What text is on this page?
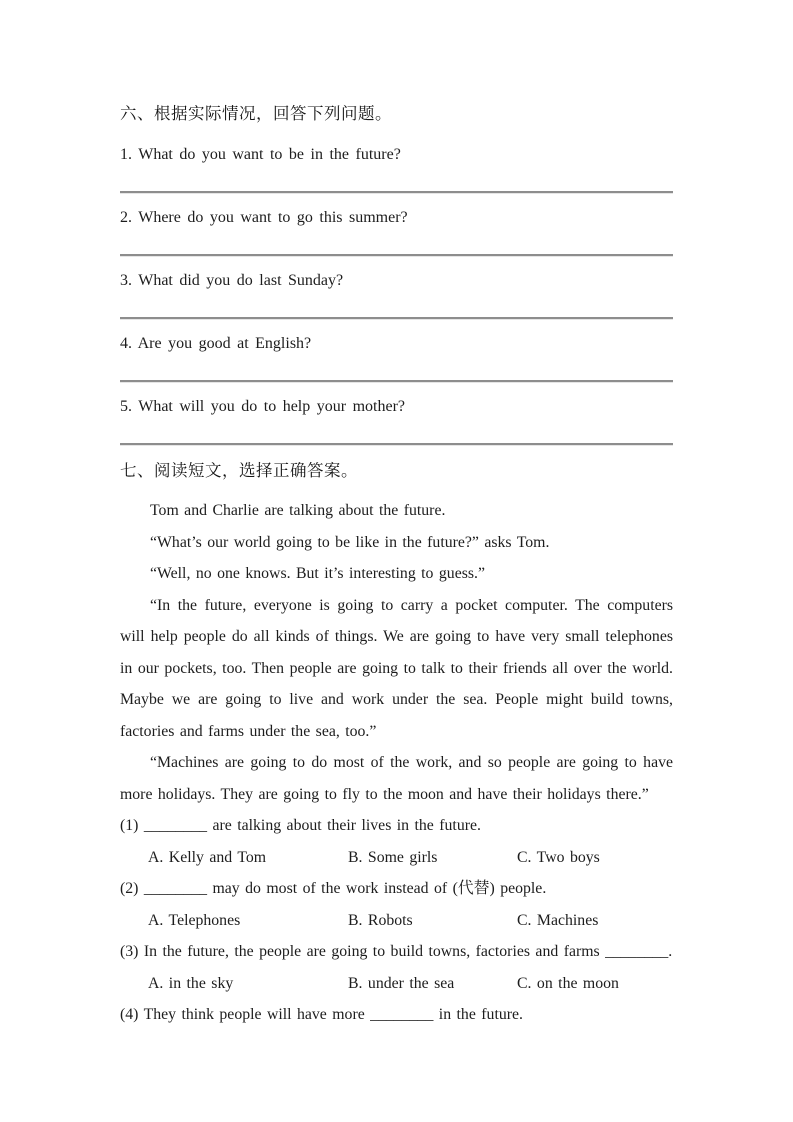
六、根据实际情况，回答下列问题。
1. What do you want to be in the future?
2. Where do you want to go this summer?
3. What did you do last Sunday?
4. Are you good at English?
5. What will you do to help your mother?
七、阅读短文，选择正确答案。

Tom and Charlie are talking about the future.

“What’s our world going to be like in the future?” asks Tom.

“Well, no one knows. But it’s interesting to guess.”

“In the future, everyone is going to carry a pocket computer. The computers will help people do all kinds of things. We are going to have very small telephones in our pockets, too. Then people are going to talk to their friends all over the world. Maybe we are going to live and work under the sea. People might build towns, factories and farms under the sea, too.”

“Machines are going to do most of the work, and so people are going to have more holidays. They are going to fly to the moon and have their holidays there.”

(1) ________ are talking about their lives in the future.
A. Kelly and Tom	B. Some girls	C. Two boys
(2) ________ may do most of the work instead of (代替) people.
A. Telephones	B. Robots	C. Machines
(3) In the future, the people are going to build towns, factories and farms ________.
A. in the sky	B. under the sea	C. on the moon
(4) They think people will have more ________ in the future.
